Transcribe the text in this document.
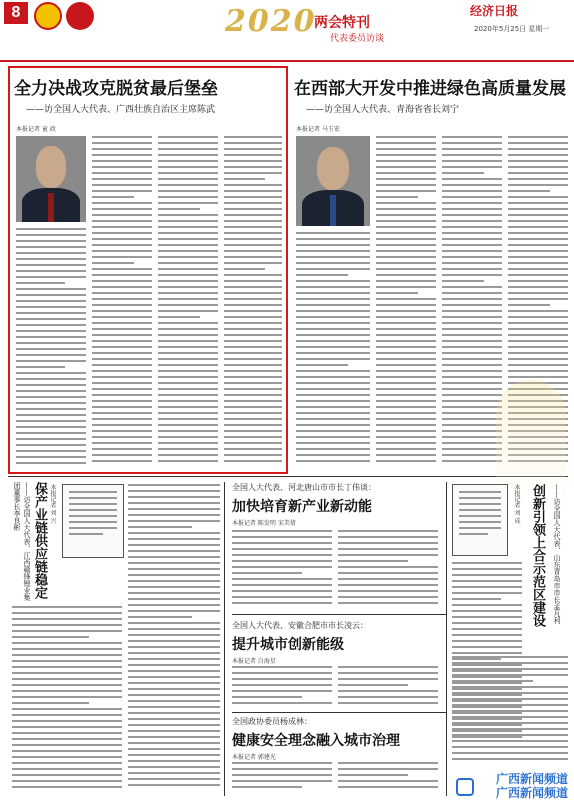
8	2020
两会特刊
代表委员访谈
经济日报
2020年5月25日 星期一
全力决战攻克脱贫最后堡垒
——访全国人大代表、广西壮族自治区主席陈武
本报记者 童 政
在西部大开发中推进绿色高质量发展
——访全国人大代表、青海省省长刘宁
本报记者 马玉宏
保产业链供应链稳定
——访全国人大代表、江西赣锋锂业集团董事长李良彬	本报记者 刘 兴	全国人大代表、河北唐山市市长丁伟谈：
加快培育新产业新动能
本报记者 陈发明 宋美倩
全国人大代表、安徽合肥市市长凌云：
提升城市创新能级
本报记者 白海星
全国政协委员杨成林：
健康安全理念融入城市治理
本报记者 郭建光
本报记者 刘 成 创新引领上合示范区建设 ——访全国人大代表、山东青岛市市长孟凡利
广西新闻频道
广西新闻频道
